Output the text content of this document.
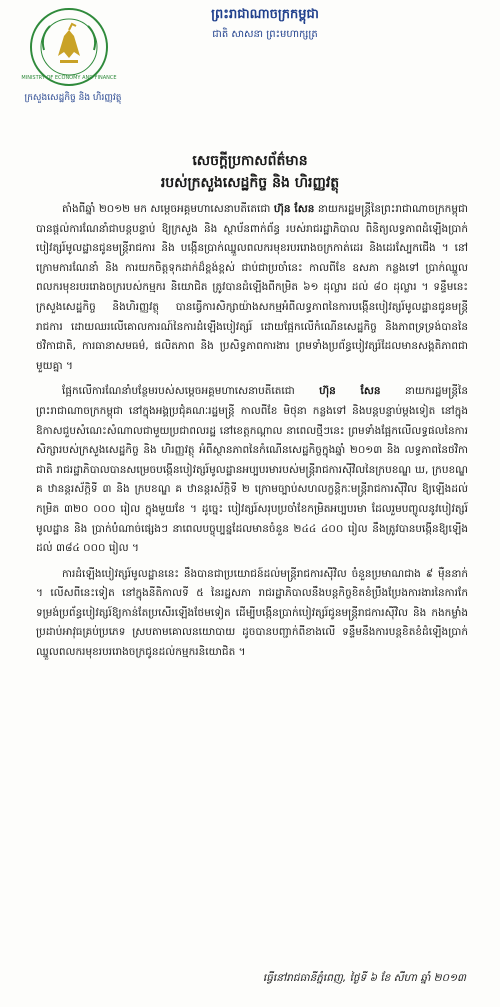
MINISTRY OF ECONOMY AND FINANCE
ក្រសួងសេដ្ឋកិច្ច និង ហិរញ្ញវត្ថុ
ព្រះរាជាណាចក្រកម្ពុជា
ជាតិ សាសនា ព្រះមហាក្សត្រ
សេចក្តីប្រកាសព័ត៌មាន
របស់ក្រសួងសេដ្ឋកិច្ច និង ហិរញ្ញវត្ថុ

តាំងពីឆ្នាំ ២០១២ មក សម្តេចអគ្គមហាសេនាបតីតេជោ ហ៊ុន សែន នាយករដ្ឋមន្ត្រីនៃព្រះរាជាណាចក្រកម្ពុជា បានផ្តល់ការណែនាំជាបន្តបន្ទាប់ ឱ្យក្រសួង និង ស្ថាប័នពាក់ព័ន្ធ របស់រាជរដ្ឋាភិបាល ពិនិត្យលទ្ធភាពដំឡើងប្រាក់បៀវត្សរ៍មូលដ្ឋានជូនមន្ត្រីរាជការ និង បង្កើនប្រាក់ឈ្នួលពលករមុខរបររោងចក្រកាត់ដេរ និងដេរស្បែកជើង ។ នៅក្រោមការណែនាំ និង ការយកចិត្តទុកដាក់ដ៏ខ្ពង់ខ្ពស់ ជាប់ជាប្រចាំនេះ កាលពីខែ ឧសភា កន្លងទៅ ប្រាក់ឈ្នួលពលករមុខរបររោងចក្ររបស់កម្មករ និយោជិត ត្រូវបានដំឡើងពីកម្រិត ៦១ ដុល្លារ ដល់ ៨០ ដុល្លារ ។ ទន្ទឹមនេះ ក្រសួងសេដ្ឋកិច្ច និងហិរញ្ញវត្ថុ បានធ្វើការសិក្សាយ៉ាងសកម្មអំពីលទ្ធភាពនៃការបង្កើនបៀវត្សរ៍មូលដ្ឋានជូនមន្ត្រីរាជការ ដោយឈរលើគោលការណ៍នៃការដំឡើងបៀវត្សរ៍ ដោយផ្អែកលើកំណើនសេដ្ឋកិច្ច និងភាពទ្រទ្រង់បាននៃថវិកាជាតិ, ការធានាសមធម៌, ផលិតភាព និង ប្រសិទ្ធភាពការងារ ព្រមទាំងប្រព័ន្ធបៀវត្សរ៍ដែលមានសង្គតិភាពជាមួយគ្នា ។

ផ្អែកលើការណែនាំបន្ថែមរបស់សម្តេចអគ្គមហាសេនាបតីតេជោ ហ៊ុន សែន នាយករដ្ឋមន្ត្រីនៃព្រះរាជាណាចក្រកម្ពុជា នៅក្នុងអង្គប្រជុំគណៈរដ្ឋមន្ត្រី កាលពីខែ មិថុនា កន្លងទៅ និងបន្តបន្ទាប់ម្តងទៀត នៅក្នុងឱកាសជួបសំណេះសំណាលជាមួយប្រជាពលរដ្ឋ នៅខេត្តកណ្តាល នាពេលថ្មីៗនេះ ព្រមទាំងផ្អែកលើលទ្ធផលនៃការសិក្សារបស់ក្រសួងសេដ្ឋកិច្ច និង ហិរញ្ញវត្ថុ អំពីស្ថានភាពនៃកំណើនសេដ្ឋកិច្ចក្នុងឆ្នាំ ២០១៣ និង លទ្ធភាពនៃថវិកាជាតិ រាជរដ្ឋាភិបាលបានសម្រេចបង្កើនបៀវត្សរ៍មូលដ្ឋានអប្បបរមារបស់មន្ត្រីរាជការស៊ីវិលនៃក្របខណ្ឌ ឃ, ក្របខណ្ឌ គ ឋានន្តរស័ក្តិទី ៣ និង ក្របខណ្ឌ គ ឋានន្តរស័ក្តិទី ២ ក្រោមច្បាប់សហលក្ខន្តិកៈមន្ត្រីរាជការស៊ីវិល ឱ្យឡើងដល់កម្រិត ៣២០ ០០០ រៀល ក្នុងមួយខែ ។ ដូច្នេះ បៀវត្សរ៍សរុបប្រចាំខែកម្រិតអប្បបរមា ដែលរួមបញ្ចូលនូវបៀវត្សរ៍មូលដ្ឋាន និង ប្រាក់បំណាច់ផ្សេងៗ នាពេលបច្ចុប្បន្នដែលមានចំនួន ២៤៤ ៤០០ រៀល នឹងត្រូវបានបង្កើនឱ្យឡើងដល់ ៣៨៤ ០០០ រៀល ។

ការដំឡើងបៀវត្សរ៍មូលដ្ឋាននេះ នឹងបានជាប្រយោជន៍ដល់មន្ត្រីរាជការស៊ីវិល ចំនួនប្រមាណជាង ៩ ម៉ឺននាក់ ។ លើសពីនេះទៀត នៅក្នុងនីតិកាលទី ៥ នៃរដ្ឋសភា រាជរដ្ឋាភិបាលនឹងបន្តកិច្ចខិតខំប្រឹងប្រែងការងារនៃការកែទម្រង់ប្រព័ន្ធបៀវត្សរ៍ឱ្យកាន់តែប្រសើរឡើងថែមទៀត ដើម្បីបង្កើនប្រាក់បៀវត្សរ៍ជូនមន្ត្រីរាជការស៊ីវិល និង កងកម្លាំងប្រដាប់អាវុធគ្រប់ប្រភេទ ស្របតាមគោលនយោបាយ ដូចបានបញ្ជាក់ពីខាងលើ ទន្ទឹមនឹងការបន្តខិតខំដំឡើងប្រាក់ឈ្នួលពលករមុខរបររោងចក្រជូនដល់កម្មករនិយោជិត ។

ធ្វើនៅរាជធានីភ្នំពេញ, ថ្ងៃទី ៦ ខែ សីហា ឆ្នាំ ២០១៣
